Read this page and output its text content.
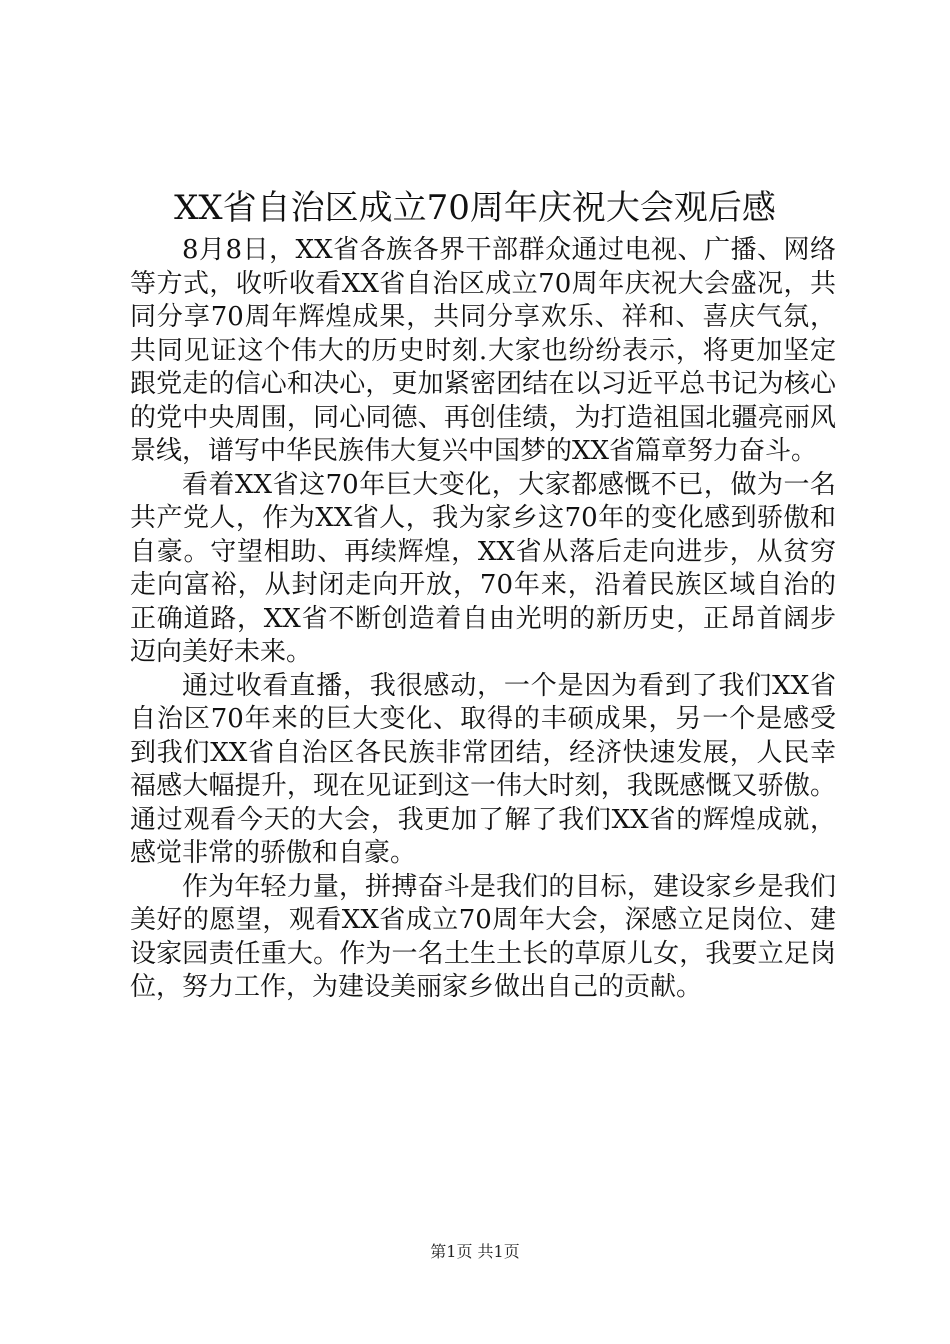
XX省自治区成立70周年庆祝大会观后感

8月8日，XX省各族各界干部群众通过电视、广播、网络等方式，收听收看XX省自治区成立70周年庆祝大会盛况，共同分享70周年辉煌成果，共同分享欢乐、祥和、喜庆气氛，共同见证这个伟大的历史时刻.大家也纷纷表示，将更加坚定跟党走的信心和决心，更加紧密团结在以习近平总书记为核心的党中央周围，同心同德、再创佳绩，为打造祖国北疆亮丽风景线，谱写中华民族伟大复兴中国梦的XX省篇章努力奋斗。

看着XX省这70年巨大变化，大家都感慨不已，做为一名共产党人，作为XX省人，我为家乡这70年的变化感到骄傲和自豪。守望相助、再续辉煌，XX省从落后走向进步，从贫穷走向富裕，从封闭走向开放，70年来，沿着民族区域自治的正确道路，XX省不断创造着自由光明的新历史，正昂首阔步迈向美好未来。

通过收看直播，我很感动，一个是因为看到了我们XX省自治区70年来的巨大变化、取得的丰硕成果，另一个是感受到我们XX省自治区各民族非常团结，经济快速发展，人民幸福感大幅提升，现在见证到这一伟大时刻，我既感慨又骄傲。通过观看今天的大会，我更加了解了我们XX省的辉煌成就，感觉非常的骄傲和自豪。

作为年轻力量，拼搏奋斗是我们的目标，建设家乡是我们美好的愿望，观看XX省成立70周年大会，深感立足岗位、建设家园责任重大。作为一名土生土长的草原儿女，我要立足岗位，努力工作，为建设美丽家乡做出自己的贡献。

第1页 共1页
